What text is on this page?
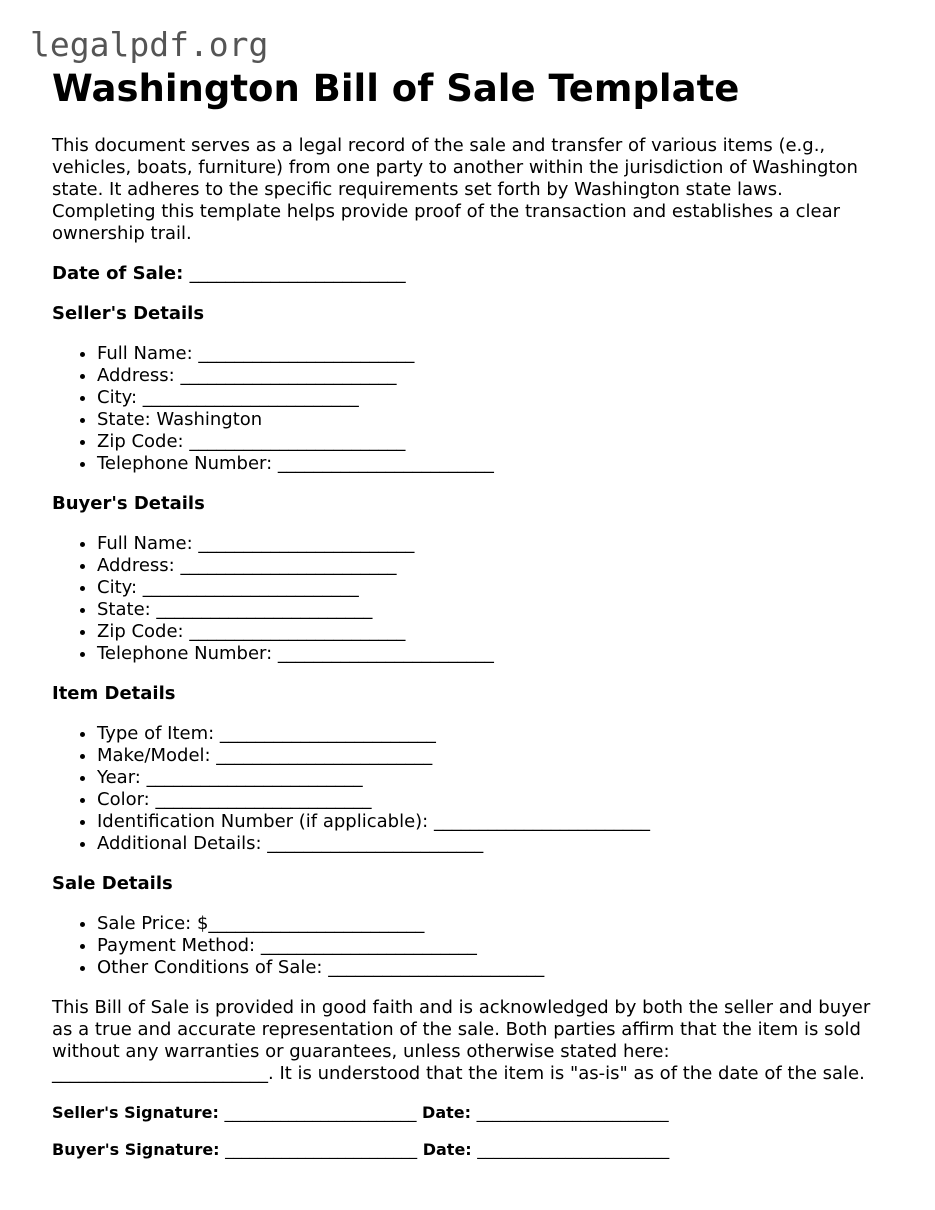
legalpdf.org
Washington Bill of Sale Template

This document serves as a legal record of the sale and transfer of various items (e.g., vehicles, boats, furniture) from one party to another within the jurisdiction of Washington state. It adheres to the specific requirements set forth by Washington state laws. Completing this template helps provide proof of the transaction and establishes a clear ownership trail.

Date of Sale: ________________________
Seller's Details
• Full Name: ________________________
• Address: ________________________
• City: ________________________
• State: Washington
• Zip Code: ________________________
• Telephone Number: ________________________
Buyer's Details
• Full Name: ________________________
• Address: ________________________
• City: ________________________
• State: ________________________
• Zip Code: ________________________
• Telephone Number: ________________________
Item Details
• Type of Item: ________________________
• Make/Model: ________________________
• Year: ________________________
• Color: ________________________
• Identification Number (if applicable): ________________________
• Additional Details: ________________________
Sale Details
• Sale Price: $________________________
• Payment Method: ________________________
• Other Conditions of Sale: ________________________

This Bill of Sale is provided in good faith and is acknowledged by both the seller and buyer as a true and accurate representation of the sale. Both parties affirm that the item is sold without any warranties or guarantees, unless otherwise stated here: ________________________. It is understood that the item is "as-is" as of the date of the sale.

Seller's Signature: ________________________ Date: ________________________
Buyer's Signature: ________________________ Date: ________________________
